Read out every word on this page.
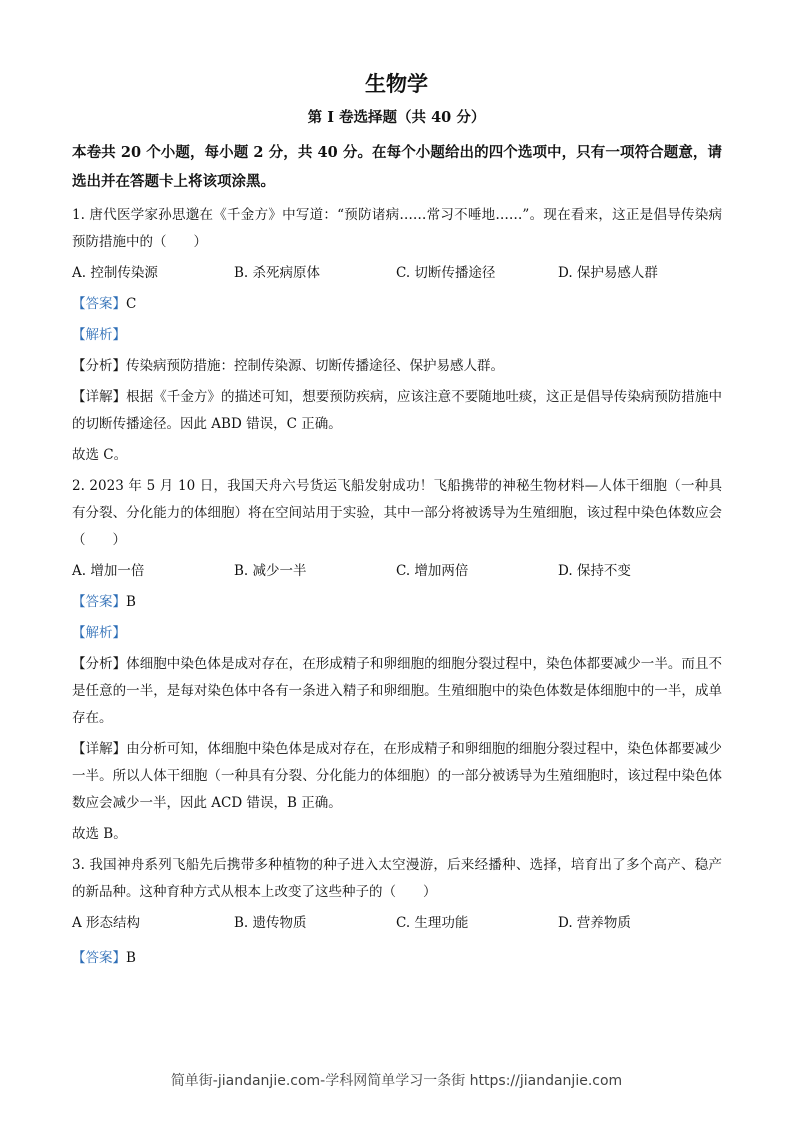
生物学
第 I 卷选择题（共 40 分）

本卷共 20 个小题，每小题 2 分，共 40 分。在每个小题给出的四个选项中，只有一项符合题意，请选出并在答题卡上将该项涂黑。

1. 唐代医学家孙思邈在《千金方》中写道：“预防诸病……常习不唾地……”。现在看来，这正是倡导传染病预防措施中的（　　）

A. 控制传染源	B. 杀死病原体	C. 切断传播途径	D. 保护易感人群

【答案】C

【解析】

【分析】传染病预防措施：控制传染源、切断传播途径、保护易感人群。

【详解】根据《千金方》的描述可知，想要预防疾病，应该注意不要随地吐痰，这正是倡导传染病预防措施中的切断传播途径。因此 ABD 错误，C 正确。

故选 C。

2. 2023 年 5 月 10 日，我国天舟六号货运飞船发射成功！飞船携带的神秘生物材料—人体干细胞（一种具有分裂、分化能力的体细胞）将在空间站用于实验，其中一部分将被诱导为生殖细胞，该过程中染色体数应会（　　）

A. 增加一倍	B. 减少一半	C. 增加两倍	D. 保持不变

【答案】B

【解析】

【分析】体细胞中染色体是成对存在，在形成精子和卵细胞的细胞分裂过程中，染色体都要减少一半。而且不是任意的一半，是每对染色体中各有一条进入精子和卵细胞。生殖细胞中的染色体数是体细胞中的一半，成单存在。

【详解】由分析可知，体细胞中染色体是成对存在，在形成精子和卵细胞的细胞分裂过程中，染色体都要减少一半。所以人体干细胞（一种具有分裂、分化能力的体细胞）的一部分被诱导为生殖细胞时，该过程中染色体数应会减少一半，因此 ACD 错误，B 正确。

故选 B。

3. 我国神舟系列飞船先后携带多种植物的种子进入太空漫游，后来经播种、选择，培育出了多个高产、稳产的新品种。这种育种方式从根本上改变了这些种子的（　　）

A 形态结构	B. 遗传物质	C. 生理功能	D. 营养物质

【答案】B

简单街-jiandanjie.com-学科网简单学习一条街 https://jiandanjie.com
